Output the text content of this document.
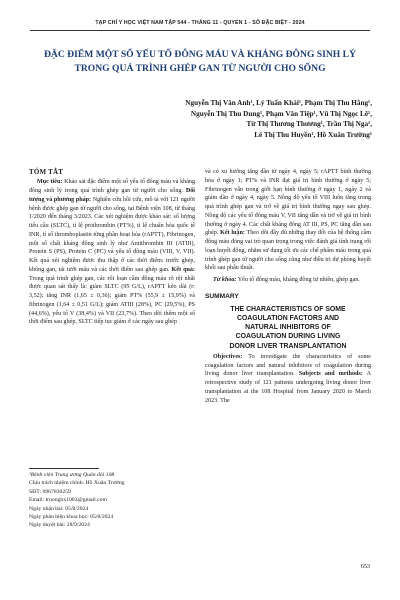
TẠP CHÍ Y HỌC VIỆT NAM TẬP 544 - THÁNG 11 - QUYỂN 1 - SỐ ĐẶC BIỆT - 2024
ĐẶC ĐIỂM MỘT SỐ YẾU TỐ ĐÔNG MÁU VÀ KHÁNG ĐÔNG SINH LÝ
TRONG QUÁ TRÌNH GHÉP GAN TỪ NGƯỜI CHO SỐNG
Nguyễn Thị Vân Anh¹, Lý Tuấn Khải¹, Phạm Thị Thu Hằng¹,
Nguyễn Thị Thu Dung¹, Phạm Văn Tiệp¹, Vũ Thị Ngọc Lê¹,
Từ Thị Thương Thương¹, Trần Thị Nga¹,
Lê Thị Thu Huyền¹, Hồ Xuân Trường¹
TÓM TẮT

Mục tiêu: Khảo sát đặc điểm một số yếu tố đông máu và kháng đông sinh lý trong quá trình ghép gan từ người cho sống. Đối tượng và phương pháp: Nghiên cứu hồi cứu, mô tả với 121 người bệnh được ghép gan từ người cho sống, tại Bệnh viện 108, từ tháng 1/2020 đến tháng 3/2023. Các xét nghiệm được khảo sát: số lượng tiểu cầu (SLTC), tỉ lệ prothrombin (PT%), tỉ lệ chuẩn hóa quốc tế INR, tỉ số thromboplastin từng phần hoạt hóa (rAPTT), Fibrinogen, một số chất kháng đông sinh lý như Antithrombin III (ATIII), Protein S (PS), Protein C (PC) và yếu tố đông máu (VIII, V, VII). Kết quả xét nghiệm được thu thập ở các thời điểm: trước ghép, không gan, tái tưới máu và các thời điểm sau ghép gan. Kết quả: Trong quá trình ghép gan, các rối loạn cầm đông máu rõ rệt nhất được quan sát thấy là: giảm SLTC (95 G/L), rAPTT kéo dài (r: 3,52); tăng INR (1,65 ± 0,36); giảm PT% (55,9 ± 15,9%) và fibrinogen (1,64 ± 0,51 G/L); giảm ATIII (28%), PC (29,5%), PS (44,6%), yếu tố V (38,4%) và VII (23,7%). Theo dõi thêm một số thời điểm sau ghép, SLTC tiếp tục giảm ở các ngày sau ghép

¹Bệnh viện Trung ương Quân đội 108
Chịu trách nhiệm chính: Hồ Xuân Trường
SĐT: 0967830259
Email: truonghx1003@gmail.com
Ngày nhận bài: 05/8/2024
Ngày phản biện khoa học: 05/8/2024
Ngày duyệt bài: 28/9/2024

và có xu hướng tăng dần từ ngày 4, ngày 5; rAPTT bình thường hóa ở ngày 1; PT% và INR đạt giá trị bình thường ở ngày 5; Fibrinogen vẫn trong giới hạn bình thường ở ngày 1, ngày 2 và giảm dần ở ngày 4, ngày 5. Nồng độ yếu tố VIII luôn tăng trong quá trình ghép gan và trở về giá trị bình thường ngay sau ghép. Nồng độ các yếu tố đông máu V, VII tăng dần và trở về giá trị bình thường ở ngày 4. Các chất kháng đông AT III, PS, PC tăng dần sau ghép. Kết luận: Theo dõi đầy đủ những thay đổi của hệ thống cầm đông máu đóng vai trò quan trọng trong việc đánh giá tình trạng rối loạn huyết động, nhằm sử dụng tối ưu các chế phẩm máu trong quá trình ghép gan từ người cho sống cũng như điều trị dự phòng huyết khối sau phẫu thuật.

Từ khóa: Yếu tố đông máu, kháng đông tự nhiên, ghép gan.

SUMMARY
THE CHARACTERISTICS OF SOME
COAGULATION FACTORS AND
NATURAL INHIBITORS OF
COAGULATION DURING LIVING
DONOR LIVER TRANSPLANTATION

Objectives: To investigate the characteristics of some coagulation factors and natural inhibitors of coagulation during living donor liver transplantation. Subjects and methods: A retrospective study of 121 patients undergoing living donor liver transplantation at the 108 Hospital from January 2020 to March 2023. The

653
